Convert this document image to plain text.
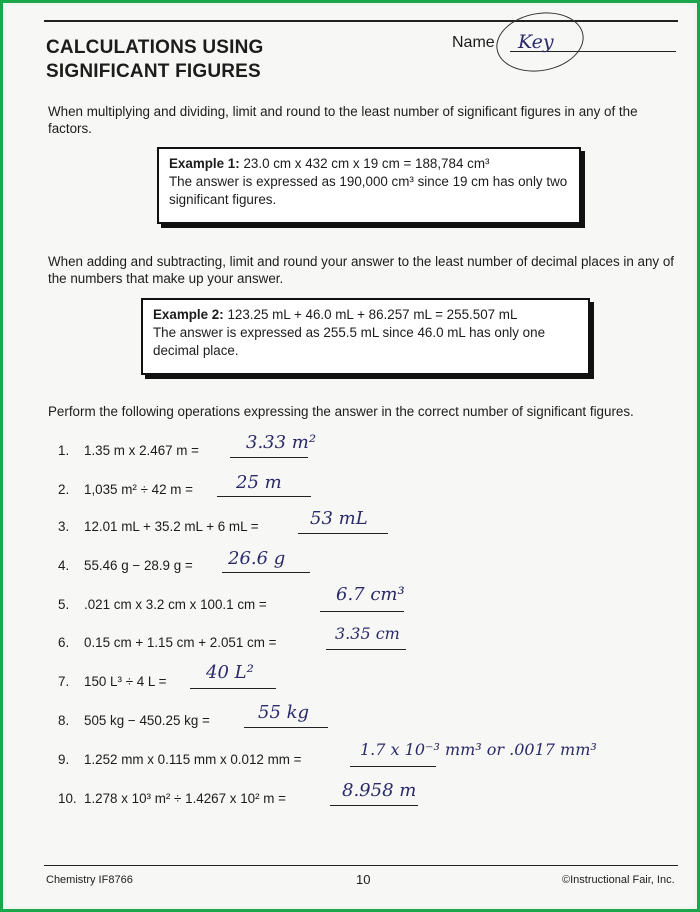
CALCULATIONS USING
SIGNIFICANT FIGURES
Name Key
When multiplying and dividing, limit and round to the least number of significant figures in any of the factors.
Example 1: 23.0 cm x 432 cm x 19 cm = 188,784 cm³
The answer is expressed as 190,000 cm³ since 19 cm has only two significant figures.
When adding and subtracting, limit and round your answer to the least number of decimal places in any of the numbers that make up your answer.
Example 2: 123.25 mL + 46.0 mL + 86.257 mL = 255.507 mL
The answer is expressed as 255.5 mL since 46.0 mL has only one decimal place.
Perform the following operations expressing the answer in the correct number of significant figures.
1. 1.35 m x 2.467 m =	3.33 m²
2. 1,035 m² ÷ 42 m = 25 m
3. 12.01 mL + 35.2 mL + 6 mL =	53 mL
4. 55.46 g − 28.9 g = 26.6 g
5. .021 cm x 3.2 cm x 100.1 cm =	6.7 cm³
6. 0.15 cm + 1.15 cm + 2.051 cm =	3.35 cm
7. 150 L³ ÷ 4 L = 40 L²
8. 505 kg − 450.25 kg =	55 kg
9. 1.252 mm x 0.115 mm x 0.012 mm =
1.7 x 10⁻³ mm³ or .0017 mm³
10. 1.278 x 10³ m² ÷ 1.4267 x 10² m =	8.958 m
Chemistry IF8766	10	©Instructional Fair, Inc.
